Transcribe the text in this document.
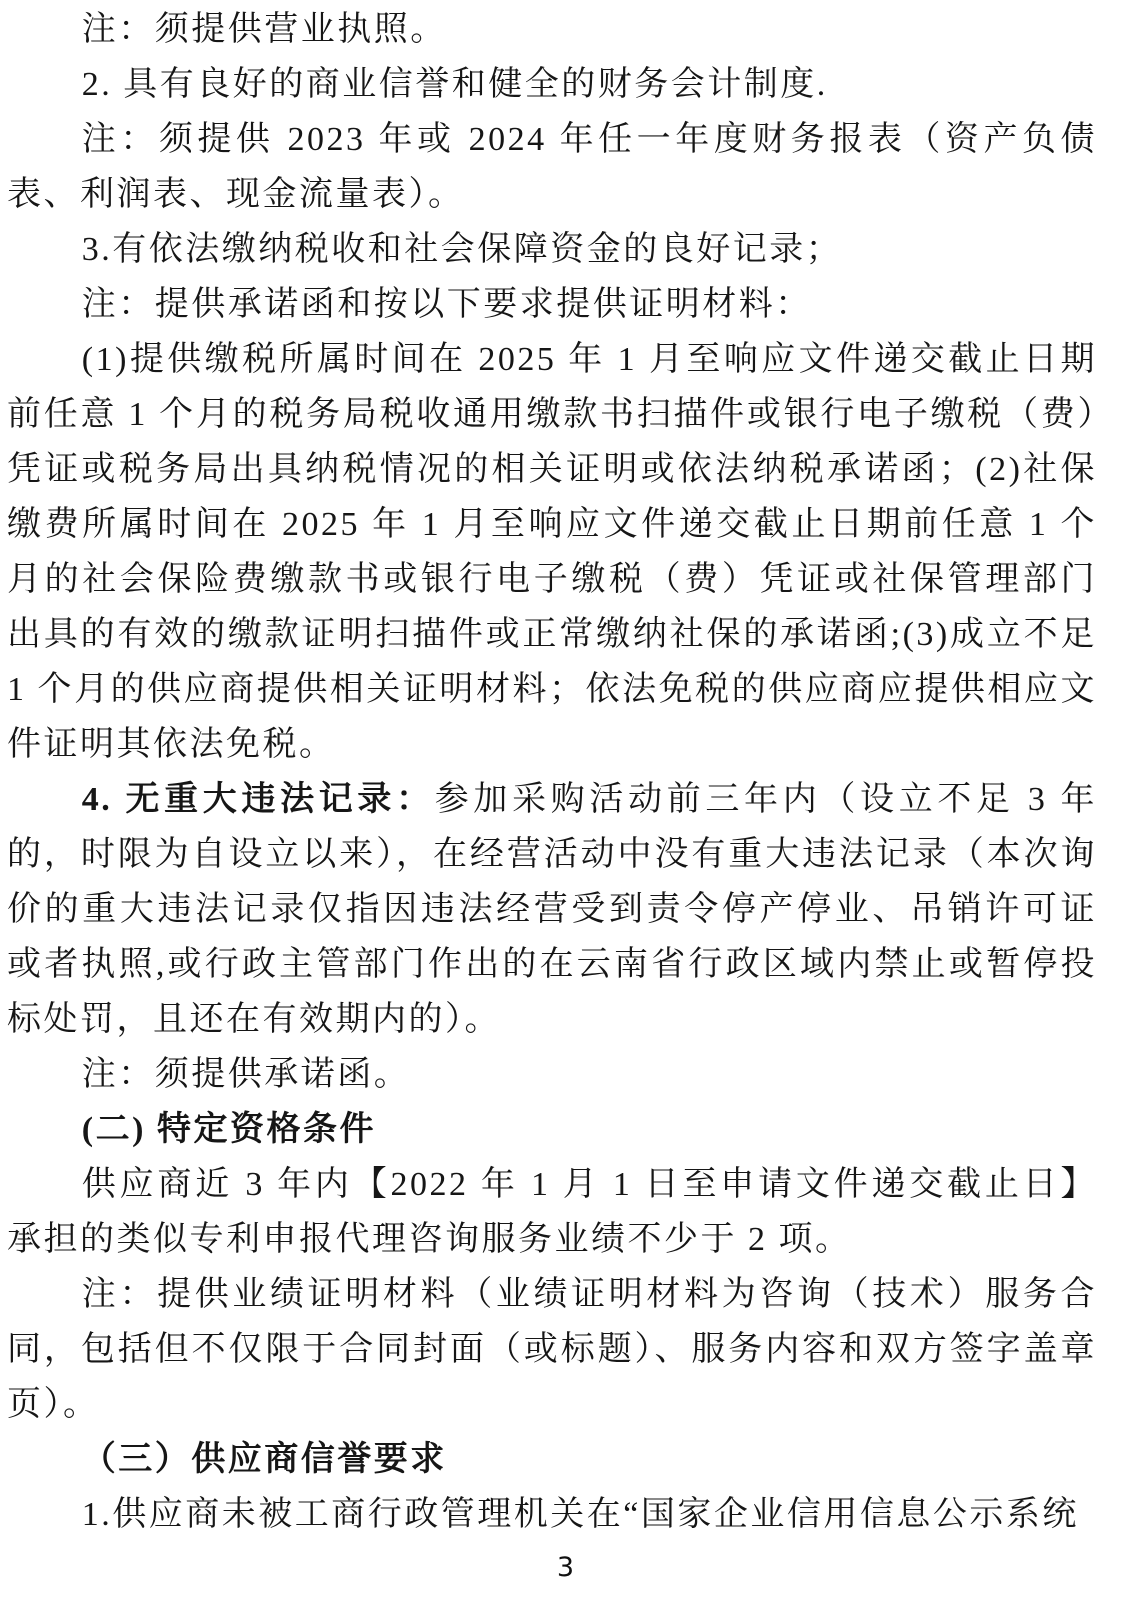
注：须提供营业执照。

2. 具有良好的商业信誉和健全的财务会计制度.

注：须提供 2023 年或 2024 年任一年度财务报表（资产负债表、利润表、现金流量表）。

3.有依法缴纳税收和社会保障资金的良好记录；

注：提供承诺函和按以下要求提供证明材料：

(1)提供缴税所属时间在 2025 年 1 月至响应文件递交截止日期前任意 1 个月的税务局税收通用缴款书扫描件或银行电子缴税（费）凭证或税务局出具纳税情况的相关证明或依法纳税承诺函；(2)社保缴费所属时间在 2025 年 1 月至响应文件递交截止日期前任意 1 个月的社会保险费缴款书或银行电子缴税（费）凭证或社保管理部门出具的有效的缴款证明扫描件或正常缴纳社保的承诺函;(3)成立不足 1 个月的供应商提供相关证明材料；依法免税的供应商应提供相应文件证明其依法免税。

4. 无重大违法记录：参加采购活动前三年内（设立不足 3 年的，时限为自设立以来），在经营活动中没有重大违法记录（本次询价的重大违法记录仅指因违法经营受到责令停产停业、吊销许可证或者执照,或行政主管部门作出的在云南省行政区域内禁止或暂停投标处罚，且还在有效期内的）。

注：须提供承诺函。

(二) 特定资格条件

供应商近 3 年内【2022 年 1 月 1 日至申请文件递交截止日】承担的类似专利申报代理咨询服务业绩不少于 2 项。

注：提供业绩证明材料（业绩证明材料为咨询（技术）服务合同，包括但不仅限于合同封面（或标题）、服务内容和双方签字盖章页）。

（三）供应商信誉要求

1.供应商未被工商行政管理机关在“国家企业信用信息公示系统

3
